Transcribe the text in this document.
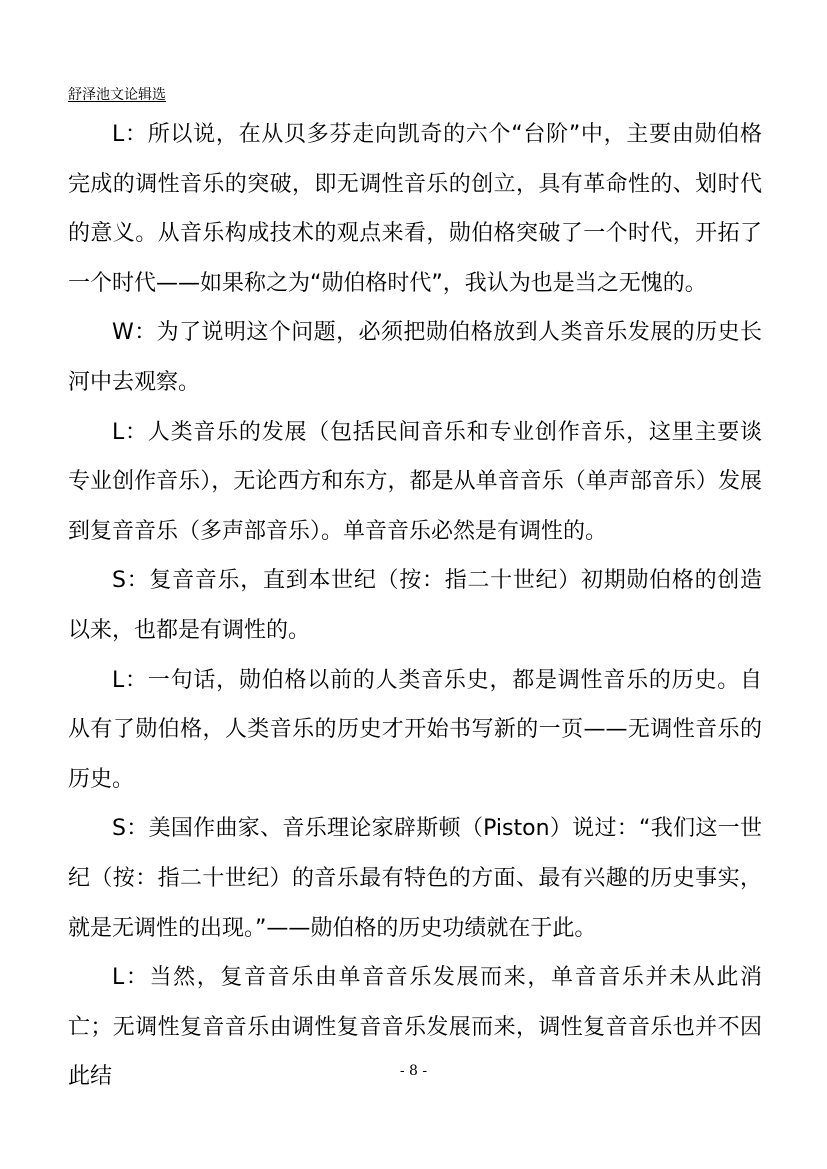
舒泽池文论辑选

L：所以说，在从贝多芬走向凯奇的六个“台阶”中，主要由勋伯格完成的调性音乐的突破，即无调性音乐的创立，具有革命性的、划时代的意义。从音乐构成技术的观点来看，勋伯格突破了一个时代，开拓了一个时代——如果称之为“勋伯格时代”，我认为也是当之无愧的。

W：为了说明这个问题，必须把勋伯格放到人类音乐发展的历史长河中去观察。

L：人类音乐的发展（包括民间音乐和专业创作音乐，这里主要谈专业创作音乐），无论西方和东方，都是从单音音乐（单声部音乐）发展到复音音乐（多声部音乐）。单音音乐必然是有调性的。

S：复音音乐，直到本世纪（按：指二十世纪）初期勋伯格的创造以来，也都是有调性的。

L：一句话，勋伯格以前的人类音乐史，都是调性音乐的历史。自从有了勋伯格，人类音乐的历史才开始书写新的一页——无调性音乐的历史。

S：美国作曲家、音乐理论家辟斯顿（Piston）说过：“我们这一世纪（按：指二十世纪）的音乐最有特色的方面、最有兴趣的历史事实，就是无调性的出现。”——勋伯格的历史功绩就在于此。

L：当然，复音音乐由单音音乐发展而来，单音音乐并未从此消亡；无调性复音音乐由调性复音音乐发展而来，调性复音音乐也并不因此结	- 8 -
